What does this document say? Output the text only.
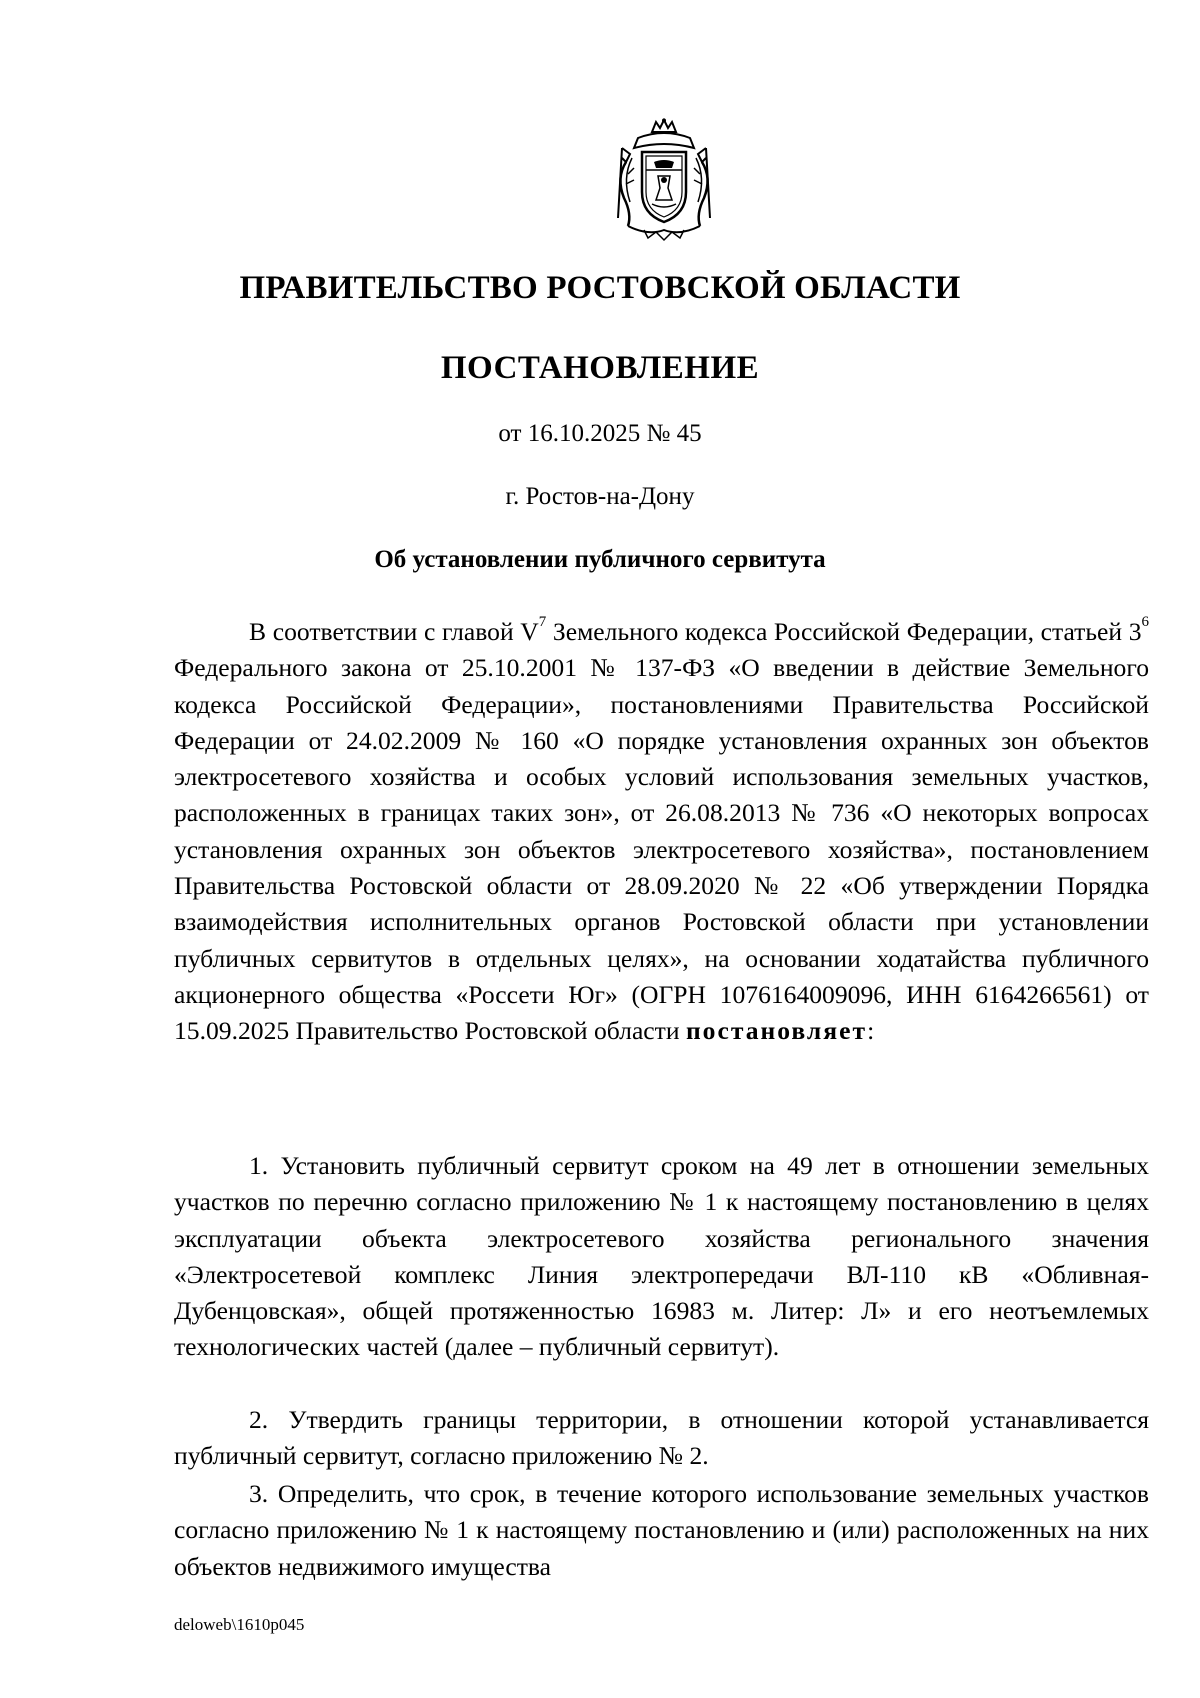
ПРАВИТЕЛЬСТВО РОСТОВСКОЙ ОБЛАСТИ
ПОСТАНОВЛЕНИЕ
от 16.10.2025 № 45
г. Ростов-на-Дону
Об установлении публичного сервитута

В соответствии с главой $V^7$ Земельного кодекса Российской Федерации, статьей $3^6$ Федерального закона от 25.10.2001 № 137-ФЗ «О введении в действие Земельного кодекса Российской Федерации», постановлениями Правительства Российской Федерации от 24.02.2009 № 160 «О порядке установления охранных зон объектов электросетевого хозяйства и особых условий использования земельных участков, расположенных в границах таких зон», от 26.08.2013 № 736 «О некоторых вопросах установления охранных зон объектов электросетевого хозяйства», постановлением Правительства Ростовской области от 28.09.2020 № 22 «Об утверждении Порядка взаимодействия исполнительных органов Ростовской области при установлении публичных сервитутов в отдельных целях», на основании ходатайства публичного акционерного общества «Россети Юг» (ОГРН 1076164009096, ИНН 6164266561) от 15.09.2025 Правительство Ростовской области постановляет:

1. Установить публичный сервитут сроком на 49 лет в отношении земельных участков по перечню согласно приложению № 1 к настоящему постановлению в целях эксплуатации объекта электросетевого хозяйства регионального значения «Электросетевой комплекс Линия электропередачи ВЛ-110 кВ «Обливная-Дубенцовская», общей протяженностью 16983 м. Литер: Л» и его неотъемлемых технологических частей (далее – публичный сервитут).

2. Утвердить границы территории, в отношении которой устанавливается публичный сервитут, согласно приложению № 2.

3. Определить, что срок, в течение которого использование земельных участков согласно приложению № 1 к настоящему постановлению и (или) расположенных на них объектов недвижимого имущества

deloweb\1610p045
